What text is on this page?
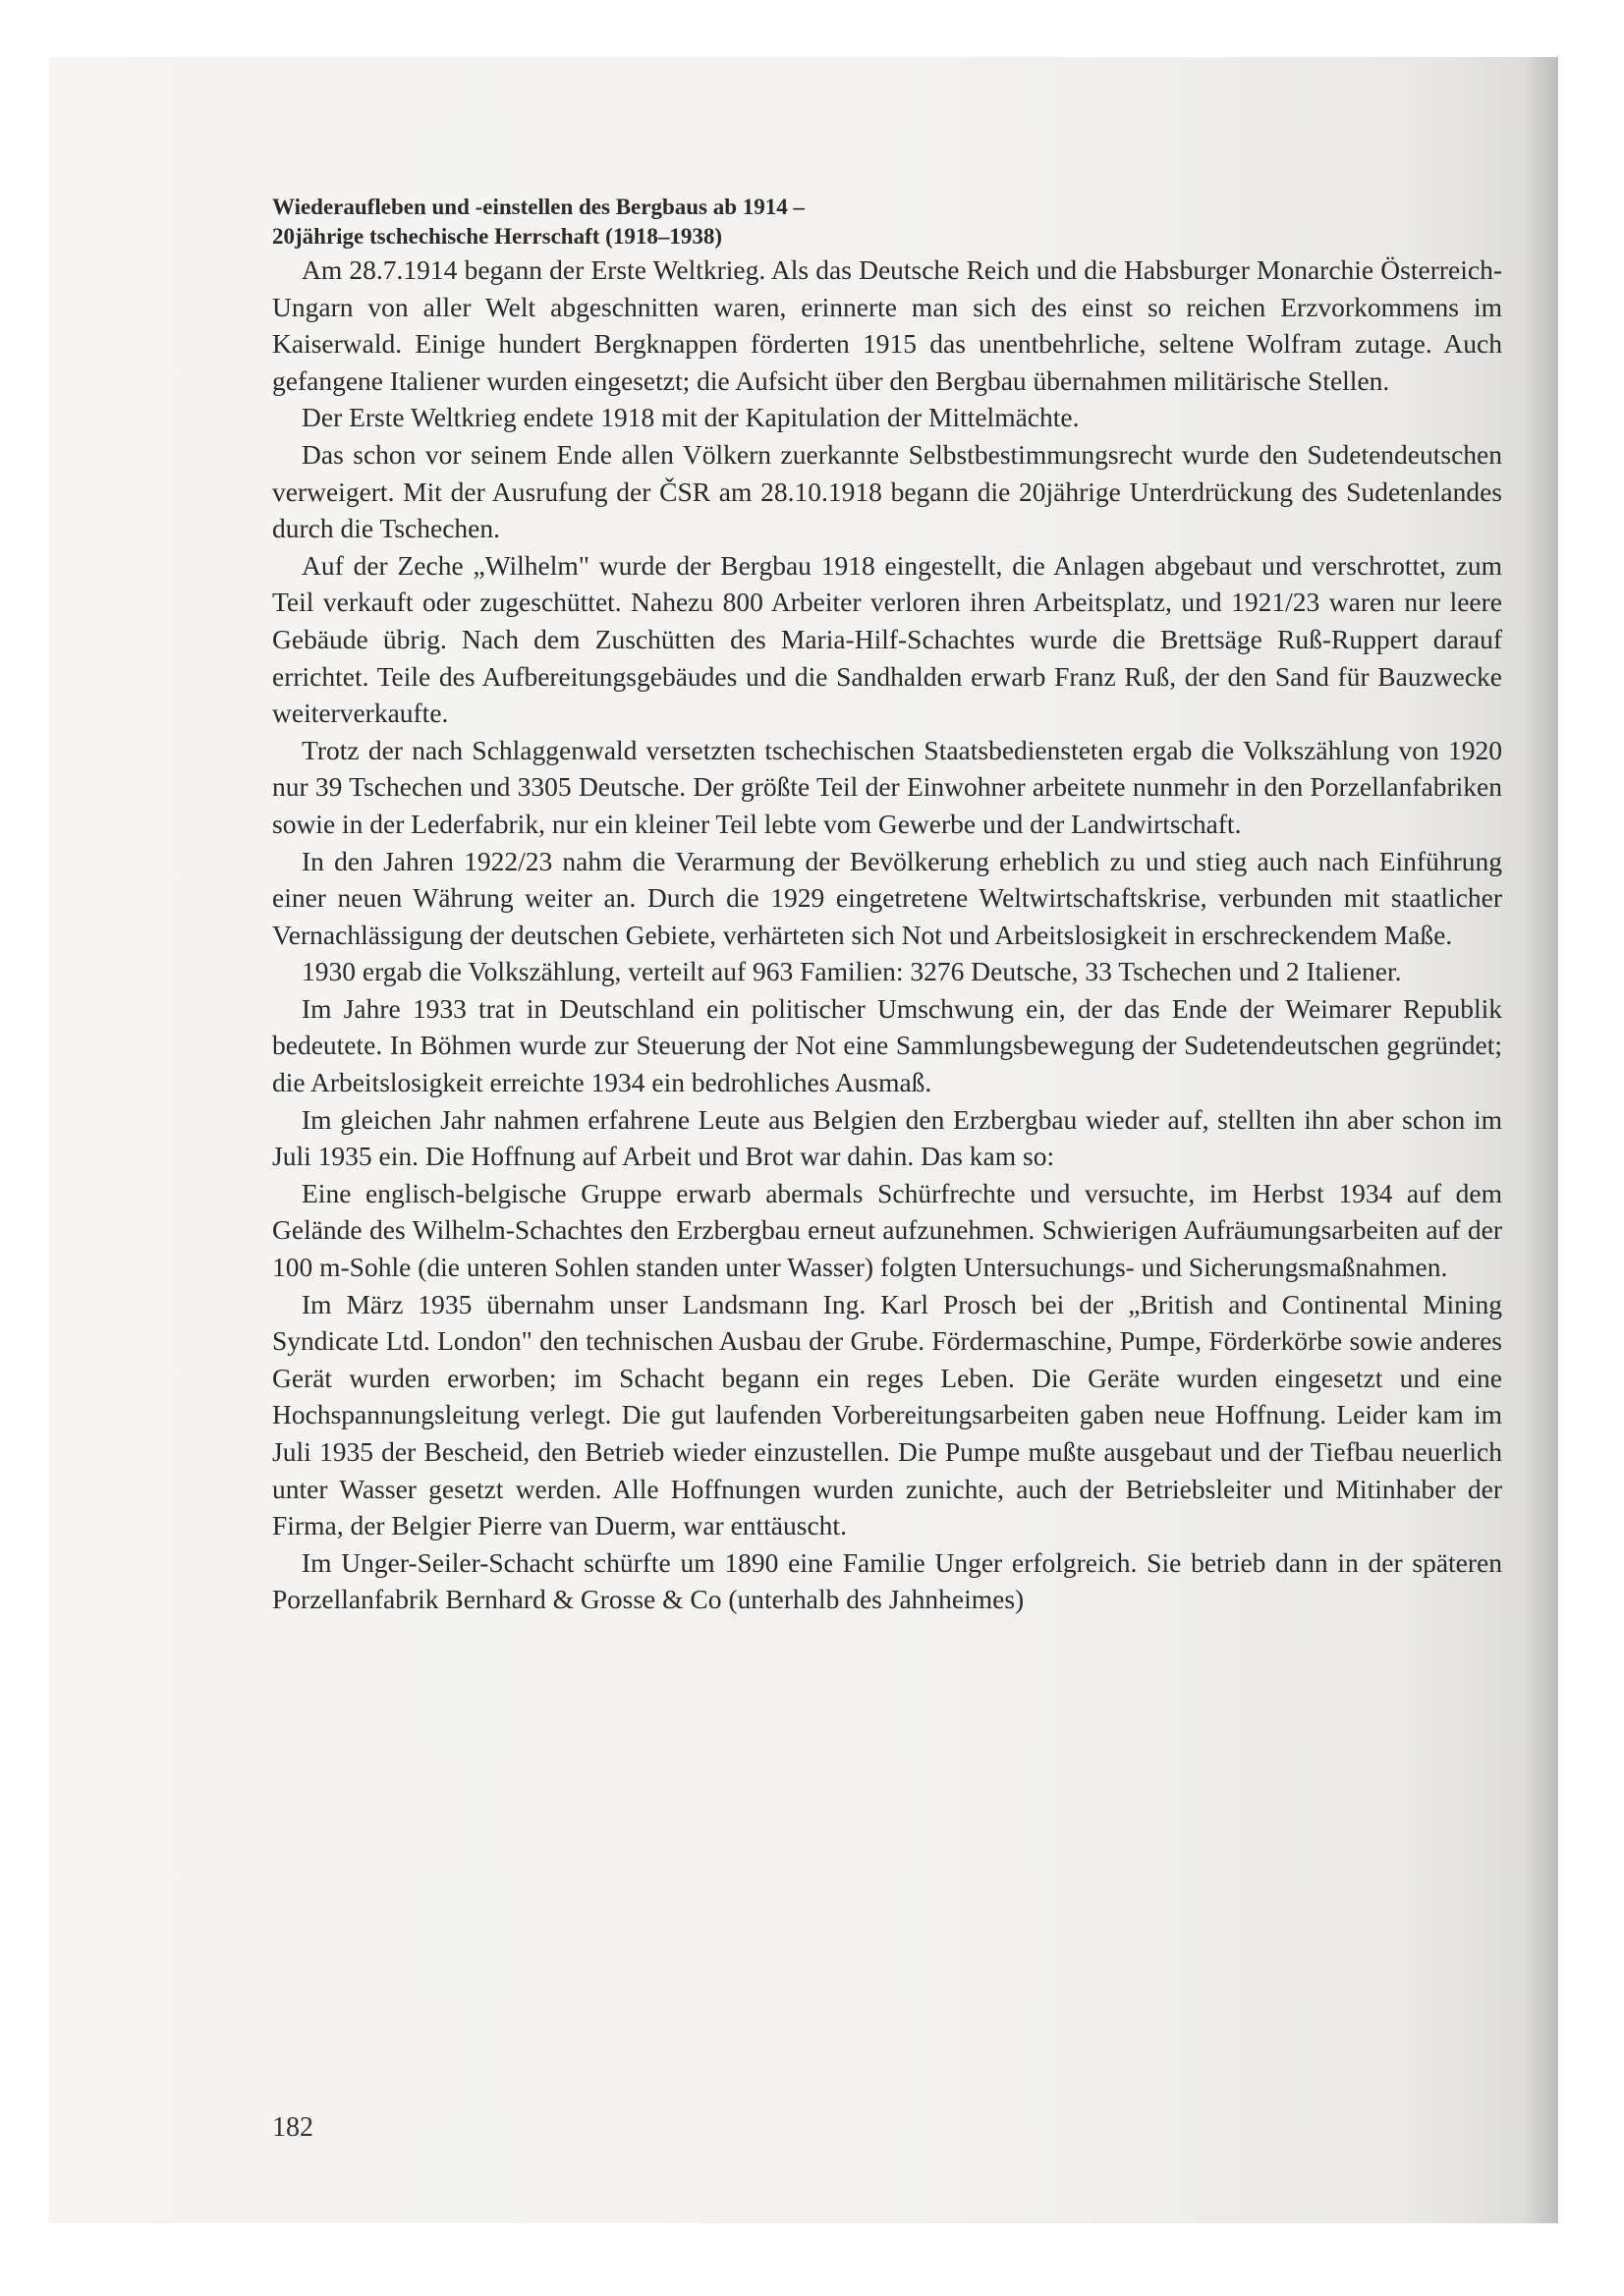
Wiederaufleben und -einstellen des Bergbaus ab 1914 –
20jährige tschechische Herrschaft (1918–1938)

Am 28.7.1914 begann der Erste Weltkrieg. Als das Deutsche Reich und die Habsburger Monarchie Österreich-Ungarn von aller Welt abgeschnitten waren, erinnerte man sich des einst so reichen Erzvorkommens im Kaiserwald. Einige hundert Bergknappen förderten 1915 das unentbehrliche, seltene Wolfram zutage. Auch gefangene Italiener wurden eingesetzt; die Aufsicht über den Bergbau übernahmen militärische Stellen.

Der Erste Weltkrieg endete 1918 mit der Kapitulation der Mittelmächte.

Das schon vor seinem Ende allen Völkern zuerkannte Selbstbestimmungsrecht wurde den Sudetendeutschen verweigert. Mit der Ausrufung der ČSR am 28.10.1918 begann die 20jährige Unterdrückung des Sudetenlandes durch die Tschechen.

Auf der Zeche „Wilhelm" wurde der Bergbau 1918 eingestellt, die Anlagen abgebaut und verschrottet, zum Teil verkauft oder zugeschüttet. Nahezu 800 Arbeiter verloren ihren Arbeitsplatz, und 1921/23 waren nur leere Gebäude übrig. Nach dem Zuschütten des Maria-Hilf-Schachtes wurde die Brettsäge Ruß-Ruppert darauf errichtet. Teile des Aufbereitungsgebäudes und die Sandhalden erwarb Franz Ruß, der den Sand für Bauzwecke weiterverkaufte.

Trotz der nach Schlaggenwald versetzten tschechischen Staatsbediensteten ergab die Volkszählung von 1920 nur 39 Tschechen und 3305 Deutsche. Der größte Teil der Einwohner arbeitete nunmehr in den Porzellanfabriken sowie in der Lederfabrik, nur ein kleiner Teil lebte vom Gewerbe und der Landwirtschaft.

In den Jahren 1922/23 nahm die Verarmung der Bevölkerung erheblich zu und stieg auch nach Einführung einer neuen Währung weiter an. Durch die 1929 eingetretene Weltwirtschaftskrise, verbunden mit staatlicher Vernachlässigung der deutschen Gebiete, verhärteten sich Not und Arbeitslosigkeit in erschreckendem Maße.

1930 ergab die Volkszählung, verteilt auf 963 Familien: 3276 Deutsche, 33 Tschechen und 2 Italiener.

Im Jahre 1933 trat in Deutschland ein politischer Umschwung ein, der das Ende der Weimarer Republik bedeutete. In Böhmen wurde zur Steuerung der Not eine Sammlungsbewegung der Sudetendeutschen gegründet; die Arbeitslosigkeit erreichte 1934 ein bedrohliches Ausmaß.

Im gleichen Jahr nahmen erfahrene Leute aus Belgien den Erzbergbau wieder auf, stellten ihn aber schon im Juli 1935 ein. Die Hoffnung auf Arbeit und Brot war dahin. Das kam so:

Eine englisch-belgische Gruppe erwarb abermals Schürfrechte und versuchte, im Herbst 1934 auf dem Gelände des Wilhelm-Schachtes den Erzbergbau erneut aufzunehmen. Schwierigen Aufräumungsarbeiten auf der 100 m-Sohle (die unteren Sohlen standen unter Wasser) folgten Untersuchungs- und Sicherungsmaßnahmen.

Im März 1935 übernahm unser Landsmann Ing. Karl Prosch bei der „British and Continental Mining Syndicate Ltd. London" den technischen Ausbau der Grube. Fördermaschine, Pumpe, Förderkörbe sowie anderes Gerät wurden erworben; im Schacht begann ein reges Leben. Die Geräte wurden eingesetzt und eine Hochspannungsleitung verlegt. Die gut laufenden Vorbereitungsarbeiten gaben neue Hoffnung. Leider kam im Juli 1935 der Bescheid, den Betrieb wieder einzustellen. Die Pumpe mußte ausgebaut und der Tiefbau neuerlich unter Wasser gesetzt werden. Alle Hoffnungen wurden zunichte, auch der Betriebsleiter und Mitinhaber der Firma, der Belgier Pierre van Duerm, war enttäuscht.

Im Unger-Seiler-Schacht schürfte um 1890 eine Familie Unger erfolgreich. Sie betrieb dann in der späteren Porzellanfabrik Bernhard & Grosse & Co (unterhalb des Jahnheimes)

182
